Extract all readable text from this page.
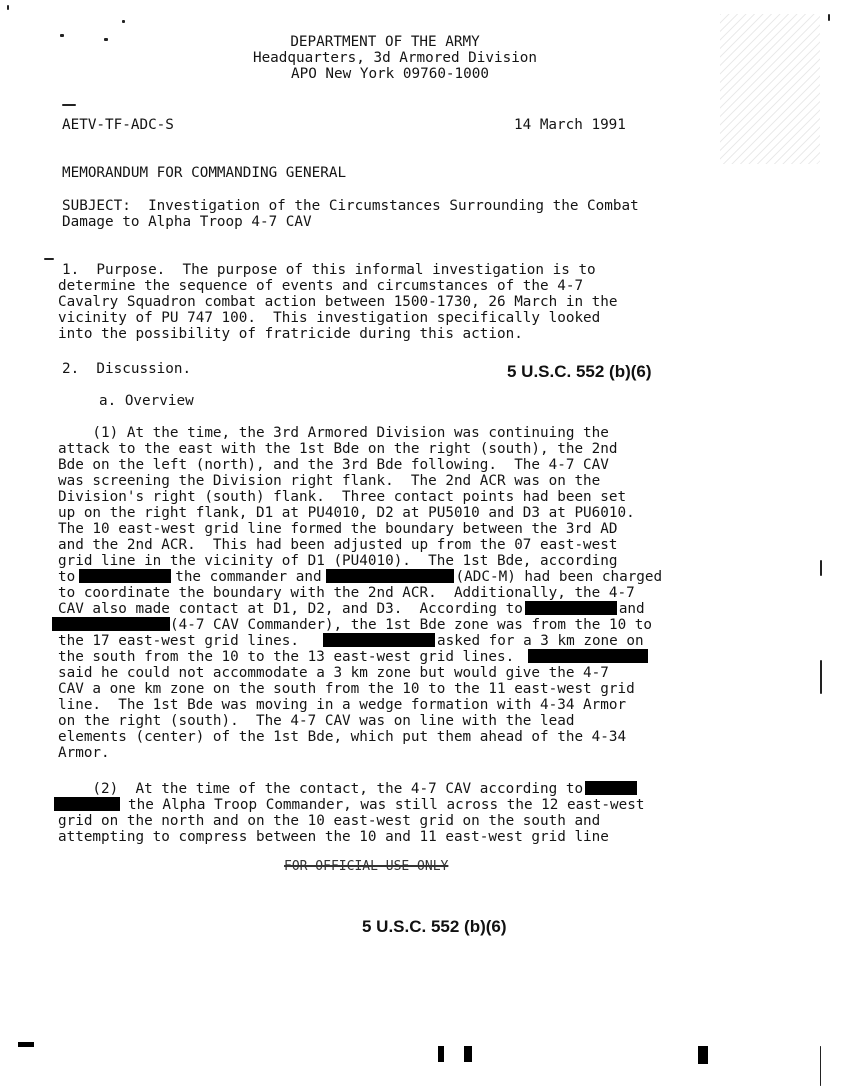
DEPARTMENT OF THE ARMY
Headquarters, 3d Armored Division
APO New York 09760-1000
AETV-TF-ADC-S	14 March 1991
MEMORANDUM FOR COMMANDING GENERAL
SUBJECT:  Investigation of the Circumstances Surrounding the Combat
Damage to Alpha Troop 4-7 CAV
1.  Purpose.  The purpose of this informal investigation is to
determine the sequence of events and circumstances of the 4-7
Cavalry Squadron combat action between 1500-1730, 26 March in the
vicinity of PU 747 100.  This investigation specifically looked
into the possibility of fratricide during this action.
2.  Discussion.	5 U.S.C. 552 (b)(6)
a. Overview
(1) At the time, the 3rd Armored Division was continuing the
attack to the east with the 1st Bde on the right (south), the 2nd
Bde on the left (north), and the 3rd Bde following.  The 4-7 CAV
was screening the Division right flank.  The 2nd ACR was on the
Division's right (south) flank.  Three contact points had been set
up on the right flank, D1 at PU4010, D2 at PU5010 and D3 at PU6010.
The 10 east-west grid line formed the boundary between the 3rd AD
and the 2nd ACR.  This had been adjusted up from the 07 east-west
grid line in the vicinity of D1 (PU4010).  The 1st Bde, according
to	the commander and	(ADC-M) had been charged
to coordinate the boundary with the 2nd ACR.  Additionally, the 4-7
CAV also made contact at D1, D2, and D3.  According to	and
(4-7 CAV Commander), the 1st Bde zone was from the 10 to
the 17 east-west grid lines.	asked for a 3 km zone on
the south from the 10 to the 13 east-west grid lines.
said he could not accommodate a 3 km zone but would give the 4-7
CAV a one km zone on the south from the 10 to the 11 east-west grid
line.  The 1st Bde was moving in a wedge formation with 4-34 Armor
on the right (south).  The 4-7 CAV was on line with the lead
elements (center) of the 1st Bde, which put them ahead of the 4-34
Armor.
(2)  At the time of the contact, the 4-7 CAV according to
the Alpha Troop Commander, was still across the 12 east-west
grid on the north and on the 10 east-west grid on the south and
attempting to compress between the 10 and 11 east-west grid line
FOR OFFICIAL USE ONLY
5 U.S.C. 552 (b)(6)
